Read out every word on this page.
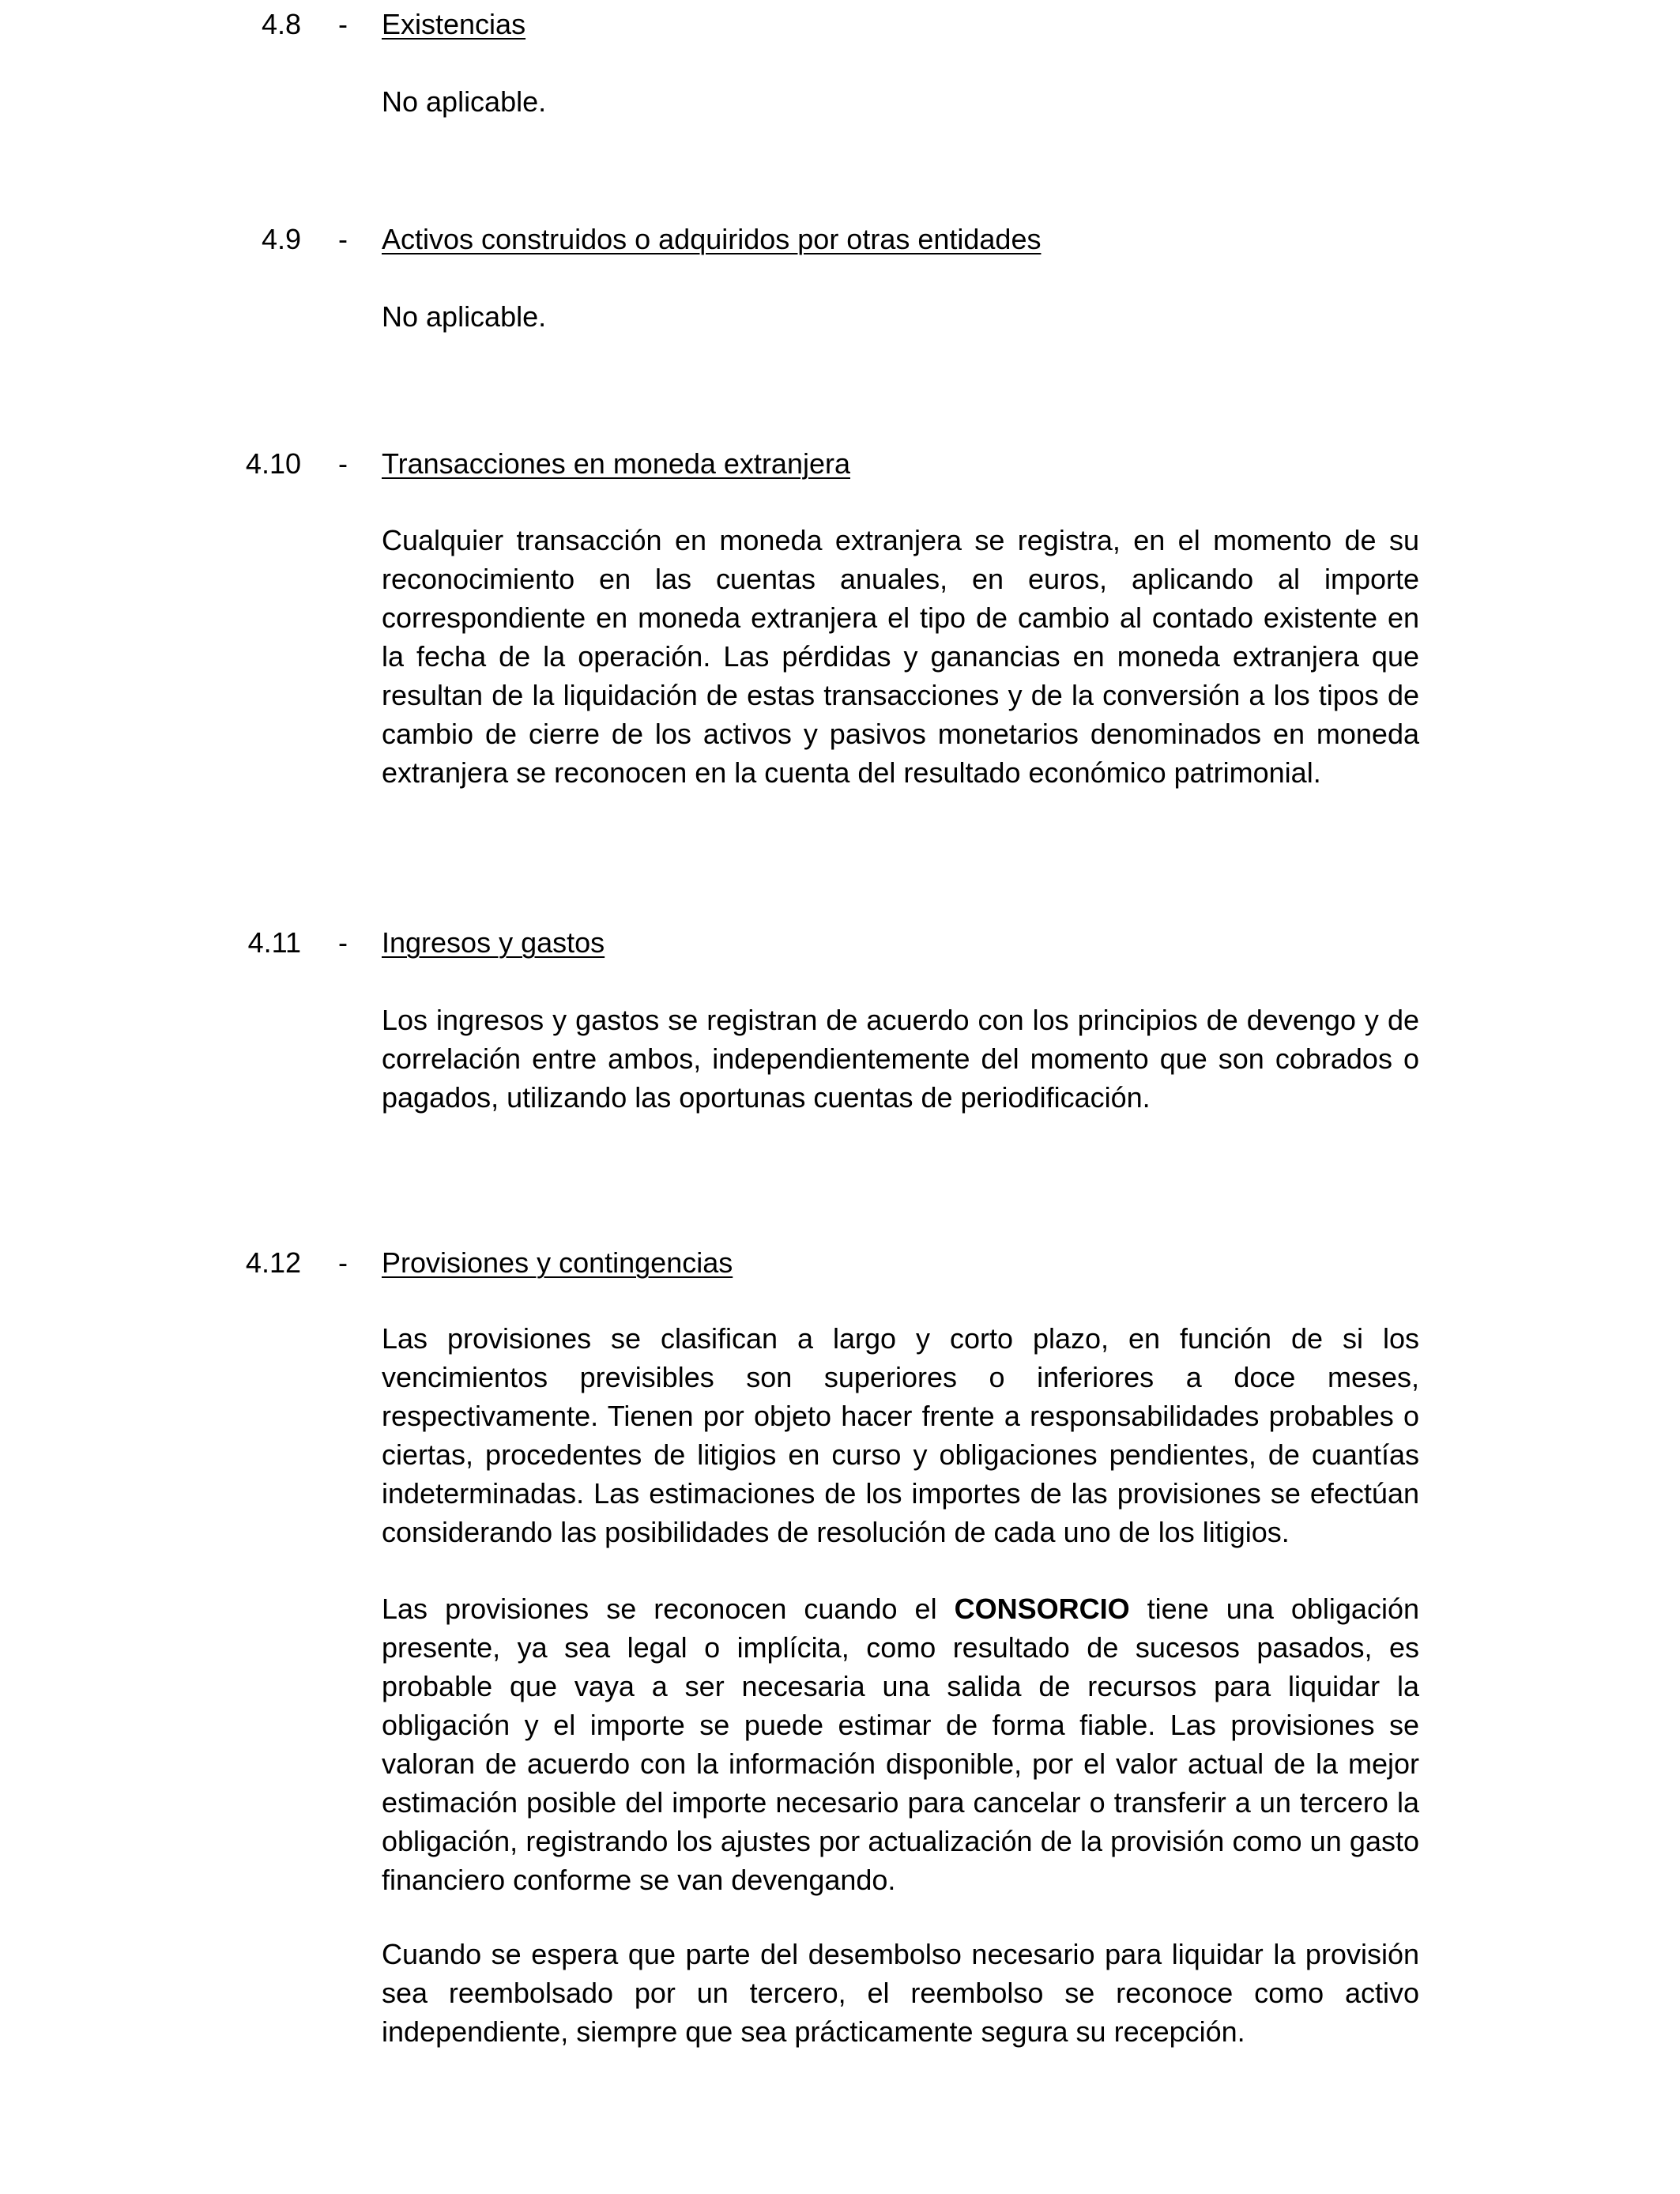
4.8 - Existencias

No aplicable.

4.9 - Activos construidos o adquiridos por otras entidades

No aplicable.

4.10 - Transacciones en moneda extranjera

Cualquier transacción en moneda extranjera se registra, en el momento de su reconocimiento en las cuentas anuales, en euros, aplicando al importe correspondiente en moneda extranjera el tipo de cambio al contado existente en la fecha de la operación. Las pérdidas y ganancias en moneda extranjera que resultan de la liquidación de estas transacciones y de la conversión a los tipos de cambio de cierre de los activos y pasivos monetarios denominados en moneda extranjera se reconocen en la cuenta del resultado económico patrimonial.

4.11 - Ingresos y gastos

Los ingresos y gastos se registran de acuerdo con los principios de devengo y de correlación entre ambos, independientemente del momento que son cobrados o pagados, utilizando las oportunas cuentas de periodificación.

4.12 - Provisiones y contingencias

Las provisiones se clasifican a largo y corto plazo, en función de si los vencimientos previsibles son superiores o inferiores a doce meses, respectivamente. Tienen por objeto hacer frente a responsabilidades probables o ciertas, procedentes de litigios en curso y obligaciones pendientes, de cuantías indeterminadas. Las estimaciones de los importes de las provisiones se efectúan considerando las posibilidades de resolución de cada uno de los litigios.

Las provisiones se reconocen cuando el CONSORCIO tiene una obligación presente, ya sea legal o implícita, como resultado de sucesos pasados, es probable que vaya a ser necesaria una salida de recursos para liquidar la obligación y el importe se puede estimar de forma fiable. Las provisiones se valoran de acuerdo con la información disponible, por el valor actual de la mejor estimación posible del importe necesario para cancelar o transferir a un tercero la obligación, registrando los ajustes por actualización de la provisión como un gasto financiero conforme se van devengando.

Cuando se espera que parte del desembolso necesario para liquidar la provisión sea reembolsado por un tercero, el reembolso se reconoce como activo independiente, siempre que sea prácticamente segura su recepción.
